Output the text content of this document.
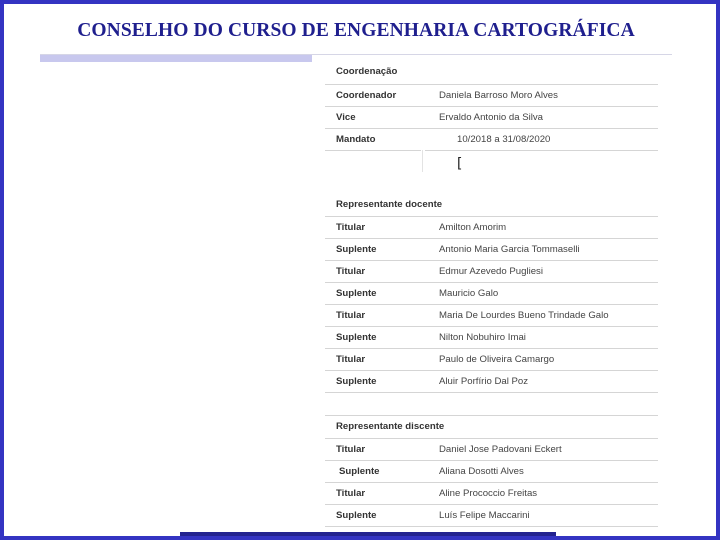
CONSELHO DO CURSO DE ENGENHARIA CARTOGRÁFICA
Coordenação
Coordenador	Daniela Barroso Moro Alves
Vice	Ervaldo Antonio da Silva
Mandato	10/2018 a 31/08/2020
[
Representante docente
Titular	Amilton Amorim
Suplente	Antonio Maria Garcia Tommaselli
Titular	Edmur Azevedo Pugliesi
Suplente	Mauricio Galo
Titular	Maria De Lourdes Bueno Trindade Galo
Suplente	Nilton Nobuhiro Imai
Titular	Paulo de Oliveira Camargo
Suplente	Aluir Porfírio Dal Poz
Representante discente
Titular	Daniel Jose Padovani Eckert
Suplente	Aliana Dosotti Alves
Titular	Aline Prococcio Freitas
Suplente	Luís Felipe Maccarini
